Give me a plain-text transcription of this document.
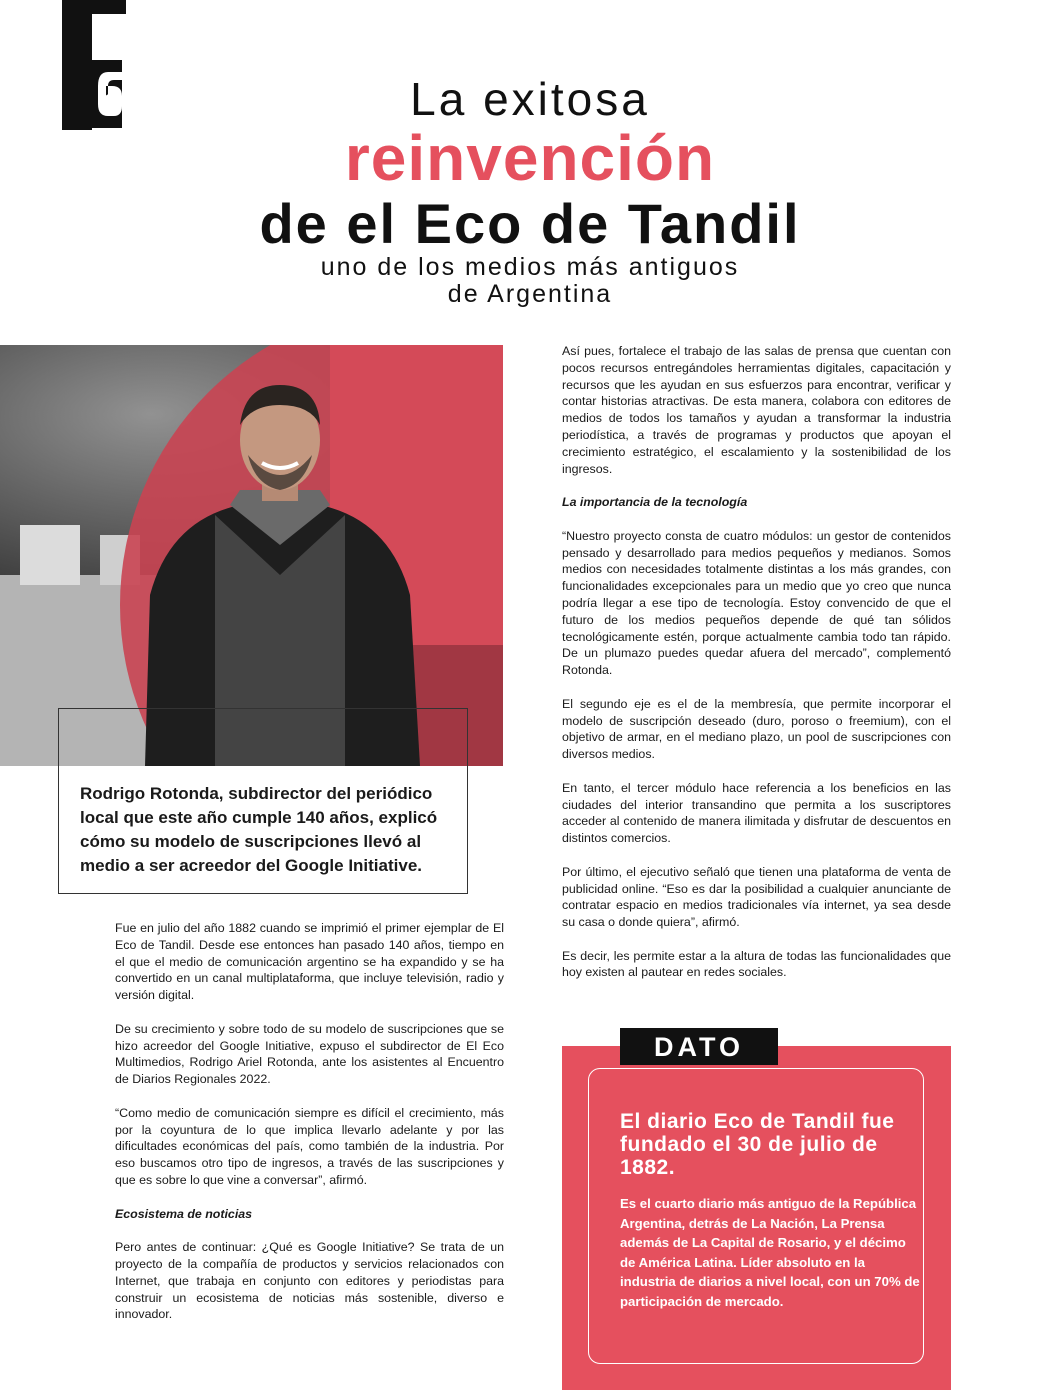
La exitosa
reinvención
de el Eco de Tandil
uno de los medios más antiguos
de Argentina
Rodrigo Rotonda, subdirector del periódico local que este año cumple 140 años, explicó cómo su modelo de suscripciones llevó al medio a ser acreedor del Google Initiative.

Fue en julio del año 1882 cuando se imprimió el primer ejemplar de El Eco de Tandil. Desde ese entonces han pasado 140 años, tiempo en el que el medio de comunicación argentino se ha expandido y se ha convertido en un canal multiplataforma, que incluye televisión, radio y versión digital.

De su crecimiento y sobre todo de su modelo de suscripciones que se hizo acreedor del Google Initiative, expuso el subdirector de El Eco Multimedios, Rodrigo Ariel Rotonda, ante los asistentes al Encuentro de Diarios Regionales 2022.

“Como medio de comunicación siempre es difícil el crecimiento, más por la coyuntura de lo que implica llevarlo adelante y por las dificultades económicas del país, como también de la industria. Por eso buscamos otro tipo de ingresos, a través de las suscripciones y que es sobre lo que vine a conversar”, afirmó.

Ecosistema de noticias

Pero antes de continuar: ¿Qué es Google Initiative? Se trata de un proyecto de la compañía de productos y servicios relacionados con Internet, que trabaja en conjunto con editores y periodistas para construir un ecosistema de noticias más sostenible, diverso e innovador.

Así pues, fortalece el trabajo de las salas de prensa que cuentan con pocos recursos entregándoles herramientas digitales, capacitación y recursos que les ayudan en sus esfuerzos para encontrar, verificar y contar historias atractivas. De esta manera, colabora con editores de medios de todos los tamaños y ayudan a transformar la industria periodística, a través de programas y productos que apoyan el crecimiento estratégico, el escalamiento y la sostenibilidad de los ingresos.

La importancia de la tecnología

“Nuestro proyecto consta de cuatro módulos: un gestor de contenidos pensado y desarrollado para medios pequeños y medianos. Somos medios con necesidades totalmente distintas a los más grandes, con funcionalidades excepcionales para un medio que yo creo que nunca podría llegar a ese tipo de tecnología. Estoy convencido de que el futuro de los medios pequeños depende de qué tan sólidos tecnológicamente estén, porque actualmente cambia todo tan rápido. De un plumazo puedes quedar afuera del mercado”, complementó Rotonda.

El segundo eje es el de la membresía, que permite incorporar el modelo de suscripción deseado (duro, poroso o freemium), con el objetivo de armar, en el mediano plazo, un pool de suscripciones con diversos medios.

En tanto, el tercer módulo hace referencia a los beneficios en las ciudades del interior transandino que permita a los suscriptores acceder al contenido de manera ilimitada y disfrutar de descuentos en distintos comercios.

Por último, el ejecutivo señaló que tienen una plataforma de venta de publicidad online. “Eso es dar la posibilidad a cualquier anunciante de contratar espacio en medios tradicionales vía internet, ya sea desde su casa o donde quiera”, afirmó.

Es decir, les permite estar a la altura de todas las funcionalidades que hoy existen al pautear en redes sociales.

DATO
El diario Eco de Tandil fue fundado el 30 de julio de 1882.
Es el cuarto diario más antiguo de la República Argentina, detrás de La Nación, La Prensa además de La Capital de Rosario, y el décimo de América Latina. Líder absoluto en la industria de diarios a nivel local, con un 70% de participación de mercado.
